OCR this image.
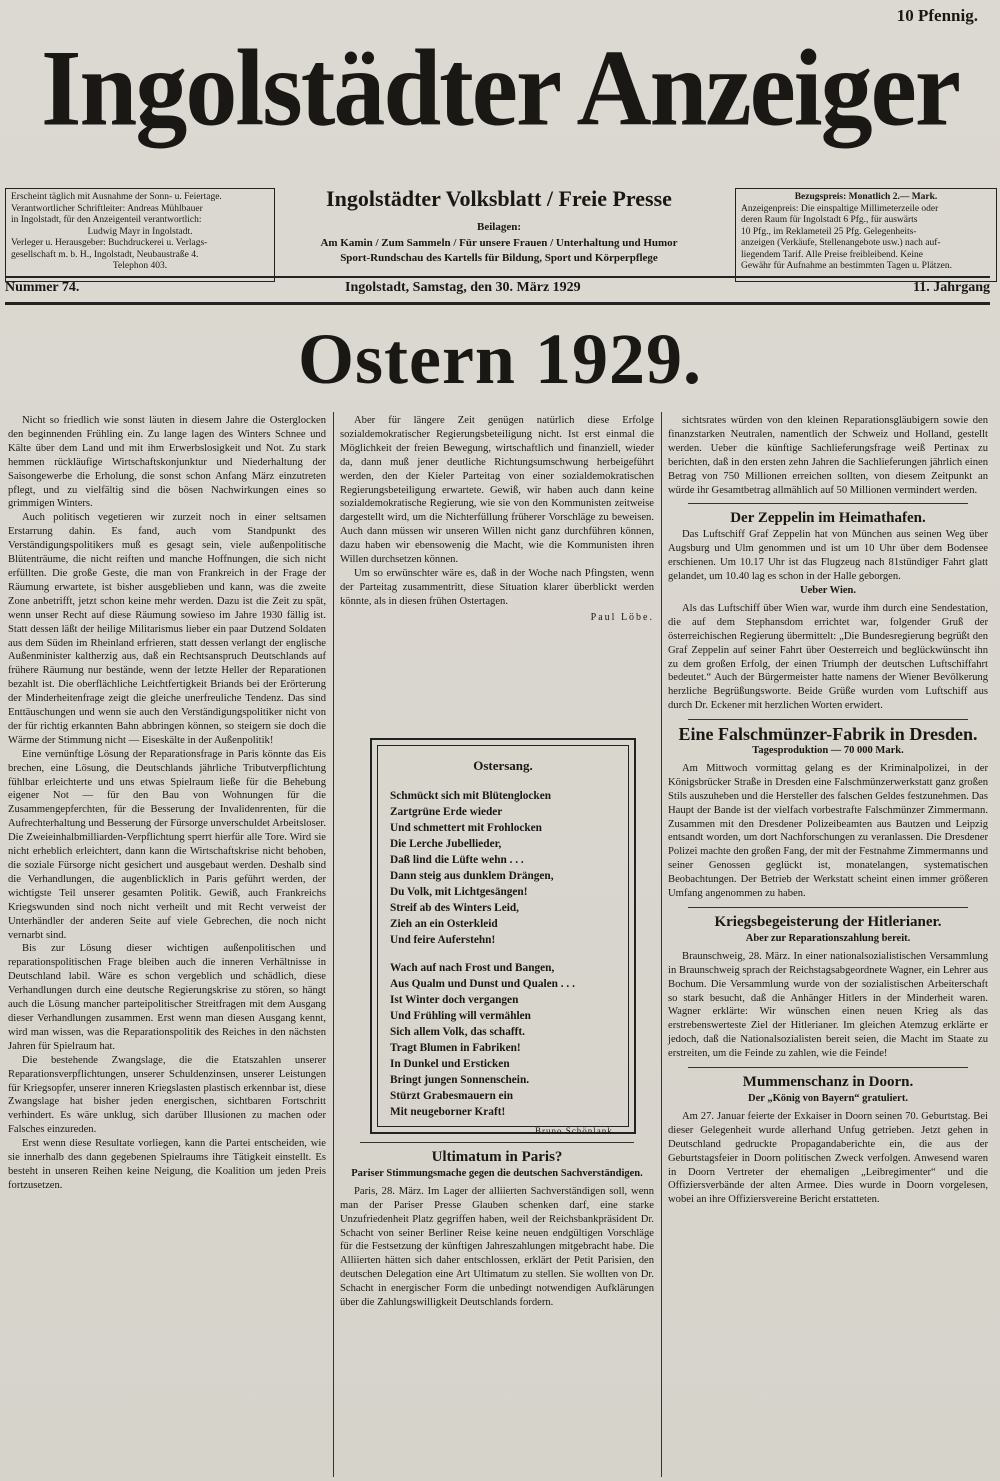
10 Pfennig.
Ingolstädter Anzeiger
Erscheint täglich mit Ausnahme der Sonn- u. Feiertage.
Verantwortlicher Schriftleiter: Andreas Mühlbauer
in Ingolstadt, für den Anzeigenteil verantwortlich:
Ludwig Mayr in Ingolstadt.
Verleger u. Herausgeber: Buchdruckerei u. Verlags-
gesellschaft m. b. H., Ingolstadt, Neubaustraße 4.
Telephon 403.
Ingolstädter Volksblatt / Freie Presse
Beilagen:
Am Kamin / Zum Sammeln / Für unsere Frauen / Unterhaltung und Humor
Sport-Rundschau des Kartells für Bildung, Sport und Körperpflege
Bezugspreis: Monatlich 2.— Mark.
Anzeigenpreis: Die einspaltige Millimeterzeile oder
deren Raum für Ingolstadt 6 Pfg., für auswärts
10 Pfg., im Reklameteil 25 Pfg. Gelegenheits-
anzeigen (Verkäufe, Stellenangebote usw.) nach auf-
liegendem Tarif. Alle Preise freibleibend. Keine
Gewähr für Aufnahme an bestimmten Tagen u. Plätzen.
Nummer 74.	Ingolstadt, Samstag, den 30. März 1929	11. Jahrgang
Ostern 1929.

Nicht so friedlich wie sonst läuten in diesem Jahre die Osterglocken den beginnenden Frühling ein. Zu lange lagen des Winters Schnee und Kälte über dem Land und mit ihm Erwerbslosigkeit und Not. Zu stark hemmen rückläufige Wirtschaftskonjunktur und Niederhaltung der Saisongewerbe die Erholung, die sonst schon Anfang März einzutreten pflegt, und zu vielfältig sind die bösen Nachwirkungen eines so grimmigen Winters.

Auch politisch vegetieren wir zurzeit noch in einer seltsamen Erstarrung dahin. Es fand, auch vom Standpunkt des Verständigungspolitikers muß es gesagt sein, viele außenpolitische Blütenträume, die nicht reiften und manche Hoffnungen, die sich nicht erfüllten. Die große Geste, die man von Frankreich in der Frage der Räumung erwartete, ist bisher ausgeblieben und kann, was die zweite Zone anbetrifft, jetzt schon keine mehr werden. Dazu ist die Zeit zu spät, wenn unser Recht auf diese Räumung sowieso im Jahre 1930 fällig ist. Statt dessen läßt der heilige Militarismus lieber ein paar Dutzend Soldaten aus dem Süden im Rheinland erfrieren, statt dessen verlangt der englische Außenminister kaltherzig aus, daß ein Rechtsanspruch Deutschlands auf frühere Räumung nur bestände, wenn der letzte Heller der Reparationen bezahlt ist. Die oberflächliche Leichtfertigkeit Briands bei der Erörterung der Minderheitenfrage zeigt die gleiche unerfreuliche Tendenz. Das sind Enttäuschungen und wenn sie auch den Verständigungspolitiker nicht von der für richtig erkannten Bahn abbringen können, so steigern sie doch die Wärme der Stimmung nicht — Eiseskälte in der Außenpolitik!

Eine vernünftige Lösung der Reparationsfrage in Paris könnte das Eis brechen, eine Lösung, die Deutschlands jährliche Tributverpflichtung fühlbar erleichterte und uns etwas Spielraum ließe für die Behebung eigener Not — für den Bau von Wohnungen für die Zusammengepferchten, für die Besserung der Invalidenrenten, für die Aufrechterhaltung und Besserung der Fürsorge unverschuldet Arbeitsloser. Die Zweieinhalbmilliarden-Verpflichtung sperrt hierfür alle Tore. Wird sie nicht erheblich erleichtert, dann kann die Wirtschaftskrise nicht behoben, die soziale Fürsorge nicht gesichert und ausgebaut werden. Deshalb sind die Verhandlungen, die augenblicklich in Paris geführt werden, der wichtigste Teil unserer gesamten Politik. Gewiß, auch Frankreichs Kriegswunden sind noch nicht verheilt und mit Recht verweist der Unterhändler der anderen Seite auf viele Gebrechen, die noch nicht vernarbt sind.

Bis zur Lösung dieser wichtigen außenpolitischen und reparationspolitischen Frage bleiben auch die inneren Verhältnisse in Deutschland labil. Wäre es schon vergeblich und schädlich, diese Verhandlungen durch eine deutsche Regierungskrise zu stören, so hängt auch die Lösung mancher parteipolitischer Streitfragen mit dem Ausgang dieser Verhandlungen zusammen. Erst wenn man diesen Ausgang kennt, wird man wissen, was die Reparationspolitik des Reiches in den nächsten Jahren für Spielraum hat.

Die bestehende Zwangslage, die die Etatszahlen unserer Reparationsverpflichtungen, unserer Schuldenzinsen, unserer Leistungen für Kriegsopfer, unserer inneren Kriegslasten plastisch erkennbar ist, diese Zwangslage hat bisher jeden energischen, sichtbaren Fortschritt verhindert. Es wäre unklug, sich darüber Illusionen zu machen oder Falsches einzureden.

Erst wenn diese Resultate vorliegen, kann die Partei entscheiden, wie sie innerhalb des dann gegebenen Spielraums ihre Tätigkeit einstellt. Es besteht in unseren Reihen keine Neigung, die Koalition um jeden Preis fortzusetzen.

Aber für längere Zeit genügen natürlich diese Erfolge sozialdemokratischer Regierungsbeteiligung nicht. Ist erst einmal die Möglichkeit der freien Bewegung, wirtschaftlich und finanziell, wieder da, dann muß jener deutliche Richtungsumschwung herbeigeführt werden, den der Kieler Parteitag von einer sozialdemokratischen Regierungsbeteiligung erwartete. Gewiß, wir haben auch dann keine sozialdemokratische Regierung, wie sie von den Kommunisten zeitweise dargestellt wird, um die Nichterfüllung früherer Vorschläge zu beweisen. Auch dann müssen wir unseren Willen nicht ganz durchführen können, dazu haben wir ebensowenig die Macht, wie die Kommunisten ihren Willen durchsetzen können.

Um so erwünschter wäre es, daß in der Woche nach Pfingsten, wenn der Parteitag zusammentritt, diese Situation klarer überblickt werden könnte, als in diesen frühen Ostertagen.

Paul Löbe.
Ostersang.
Schmückt sich mit Blütenglocken
Zartgrüne Erde wieder
Und schmettert mit Frohlocken
Die Lerche Jubellieder,
Daß lind die Lüfte wehn . . .
Dann steig aus dunklem Drängen,
Du Volk, mit Lichtgesängen!
Streif ab des Winters Leid,
Zieh an ein Osterkleid
Und feire Auferstehn!
Wach auf nach Frost und Bangen,
Aus Qualm und Dunst und Qualen . . .
Ist Winter doch vergangen
Und Frühling will vermählen
Sich allem Volk, das schafft.
Tragt Blumen in Fabriken!
In Dunkel und Ersticken
Bringt jungen Sonnenschein.
Stürzt Grabesmauern ein
Mit neugeborner Kraft!
Bruno Schönlank.
Ultimatum in Paris?
Pariser Stimmungsmache gegen die deutschen Sachverständigen.

Paris, 28. März. Im Lager der alliierten Sachverständigen soll, wenn man der Pariser Presse Glauben schenken darf, eine starke Unzufriedenheit Platz gegriffen haben, weil der Reichsbankpräsident Dr. Schacht von seiner Berliner Reise keine neuen endgültigen Vorschläge für die Festsetzung der künftigen Jahreszahlungen mitgebracht habe. Die Alliierten hätten sich daher entschlossen, erklärt der Petit Parisien, den deutschen Delegation eine Art Ultimatum zu stellen. Sie wollten von Dr. Schacht in energischer Form die unbedingt notwendigen Aufklärungen über die Zahlungswilligkeit Deutschlands fordern.

sichtsrates würden von den kleinen Reparationsgläubigern sowie den finanzstarken Neutralen, namentlich der Schweiz und Holland, gestellt werden. Ueber die künftige Sachlieferungsfrage weiß Pertinax zu berichten, daß in den ersten zehn Jahren die Sachlieferungen jährlich einen Betrag von 750 Millionen erreichen sollten, von diesem Zeitpunkt an würde ihr Gesamtbetrag allmählich auf 50 Millionen vermindert werden.

Der Zeppelin im Heimathafen.

Das Luftschiff Graf Zeppelin hat von München aus seinen Weg über Augsburg und Ulm genommen und ist um 10 Uhr über dem Bodensee erschienen. Um 10.17 Uhr ist das Flugzeug nach 81stündiger Fahrt glatt gelandet, um 10.40 lag es schon in der Halle geborgen.

Ueber Wien.

Als das Luftschiff über Wien war, wurde ihm durch eine Sendestation, die auf dem Stephansdom errichtet war, folgender Gruß der österreichischen Regierung übermittelt: „Die Bundesregierung begrüßt den Graf Zeppelin auf seiner Fahrt über Oesterreich und beglückwünscht ihn zu dem großen Erfolg, der einen Triumph der deutschen Luftschiffahrt bedeutet.“ Auch der Bürgermeister hatte namens der Wiener Bevölkerung herzliche Begrüßungsworte. Beide Grüße wurden vom Luftschiff aus durch Dr. Eckener mit herzlichen Worten erwidert.

Eine Falschmünzer-Fabrik in Dresden.
Tagesproduktion — 70 000 Mark.

Am Mittwoch vormittag gelang es der Kriminalpolizei, in der Königsbrücker Straße in Dresden eine Falschmünzerwerkstatt ganz großen Stils auszuheben und die Hersteller des falschen Geldes festzunehmen. Das Haupt der Bande ist der vielfach vorbestrafte Falschmünzer Zimmermann. Zusammen mit den Dresdener Polizeibeamten aus Bautzen und Leipzig entsandt worden, um dort Nachforschungen zu veranlassen. Die Dresdener Polizei machte den großen Fang, der mit der Festnahme Zimmermanns und seiner Genossen geglückt ist, monatelangen, systematischen Beobachtungen. Der Betrieb der Werkstatt scheint einen immer größeren Umfang angenommen zu haben.

Kriegsbegeisterung der Hitlerianer.
Aber zur Reparationszahlung bereit.

Braunschweig, 28. März. In einer nationalsozialistischen Versammlung in Braunschweig sprach der Reichstagsabgeordnete Wagner, ein Lehrer aus Bochum. Die Versammlung wurde von der sozialistischen Arbeiterschaft so stark besucht, daß die Anhänger Hitlers in der Minderheit waren. Wagner erklärte: Wir wünschen einen neuen Krieg als das erstrebenswerteste Ziel der Hitlerianer. Im gleichen Atemzug erklärte er jedoch, daß die Nationalsozialisten bereit seien, die Macht im Staate zu erstreiten, um die Feinde zu zahlen, wie die Feinde!

Mummenschanz in Doorn.
Der „König von Bayern“ gratuliert.

Am 27. Januar feierte der Exkaiser in Doorn seinen 70. Geburtstag. Bei dieser Gelegenheit wurde allerhand Unfug getrieben. Jetzt gehen in Deutschland gedruckte Propagandaberichte ein, die aus der Geburtstagsfeier in Doorn politischen Zweck verfolgen. Anwesend waren in Doorn Vertreter der ehemaligen „Leibregimenter“ und die Offiziersverbände der alten Armee. Dies wurde in Doorn vorgelesen, wobei an ihre Offiziersvereine Bericht erstatteten.
